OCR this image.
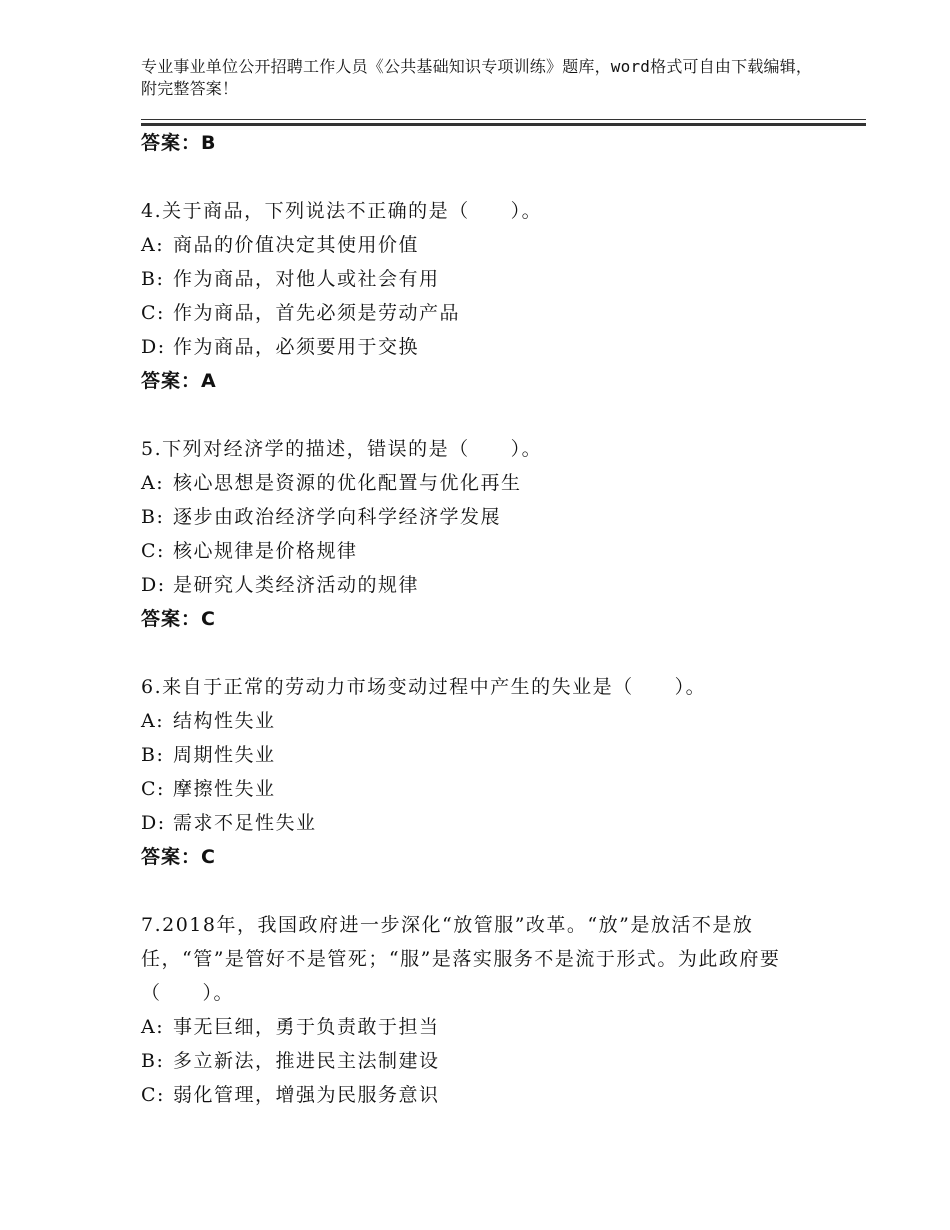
专业事业单位公开招聘工作人员《公共基础知识专项训练》题库，word格式可自由下载编辑，附完整答案！
答案：B

4.关于商品，下列说法不正确的是（　　）。

A: 商品的价值决定其使用价值
B: 作为商品，对他人或社会有用
C: 作为商品，首先必须是劳动产品
D: 作为商品，必须要用于交换
答案：A

5.下列对经济学的描述，错误的是（　　）。

A: 核心思想是资源的优化配置与优化再生
B: 逐步由政治经济学向科学经济学发展
C: 核心规律是价格规律
D: 是研究人类经济活动的规律
答案：C

6.来自于正常的劳动力市场变动过程中产生的失业是（　　）。

A: 结构性失业
B: 周期性失业
C: 摩擦性失业
D: 需求不足性失业
答案：C

7.2018年，我国政府进一步深化“放管服”改革。“放”是放活不是放任，“管”是管好不是管死；“服”是落实服务不是流于形式。为此政府要（　　）。

A: 事无巨细，勇于负责敢于担当
B: 多立新法，推进民主法制建设
C: 弱化管理，增强为民服务意识
